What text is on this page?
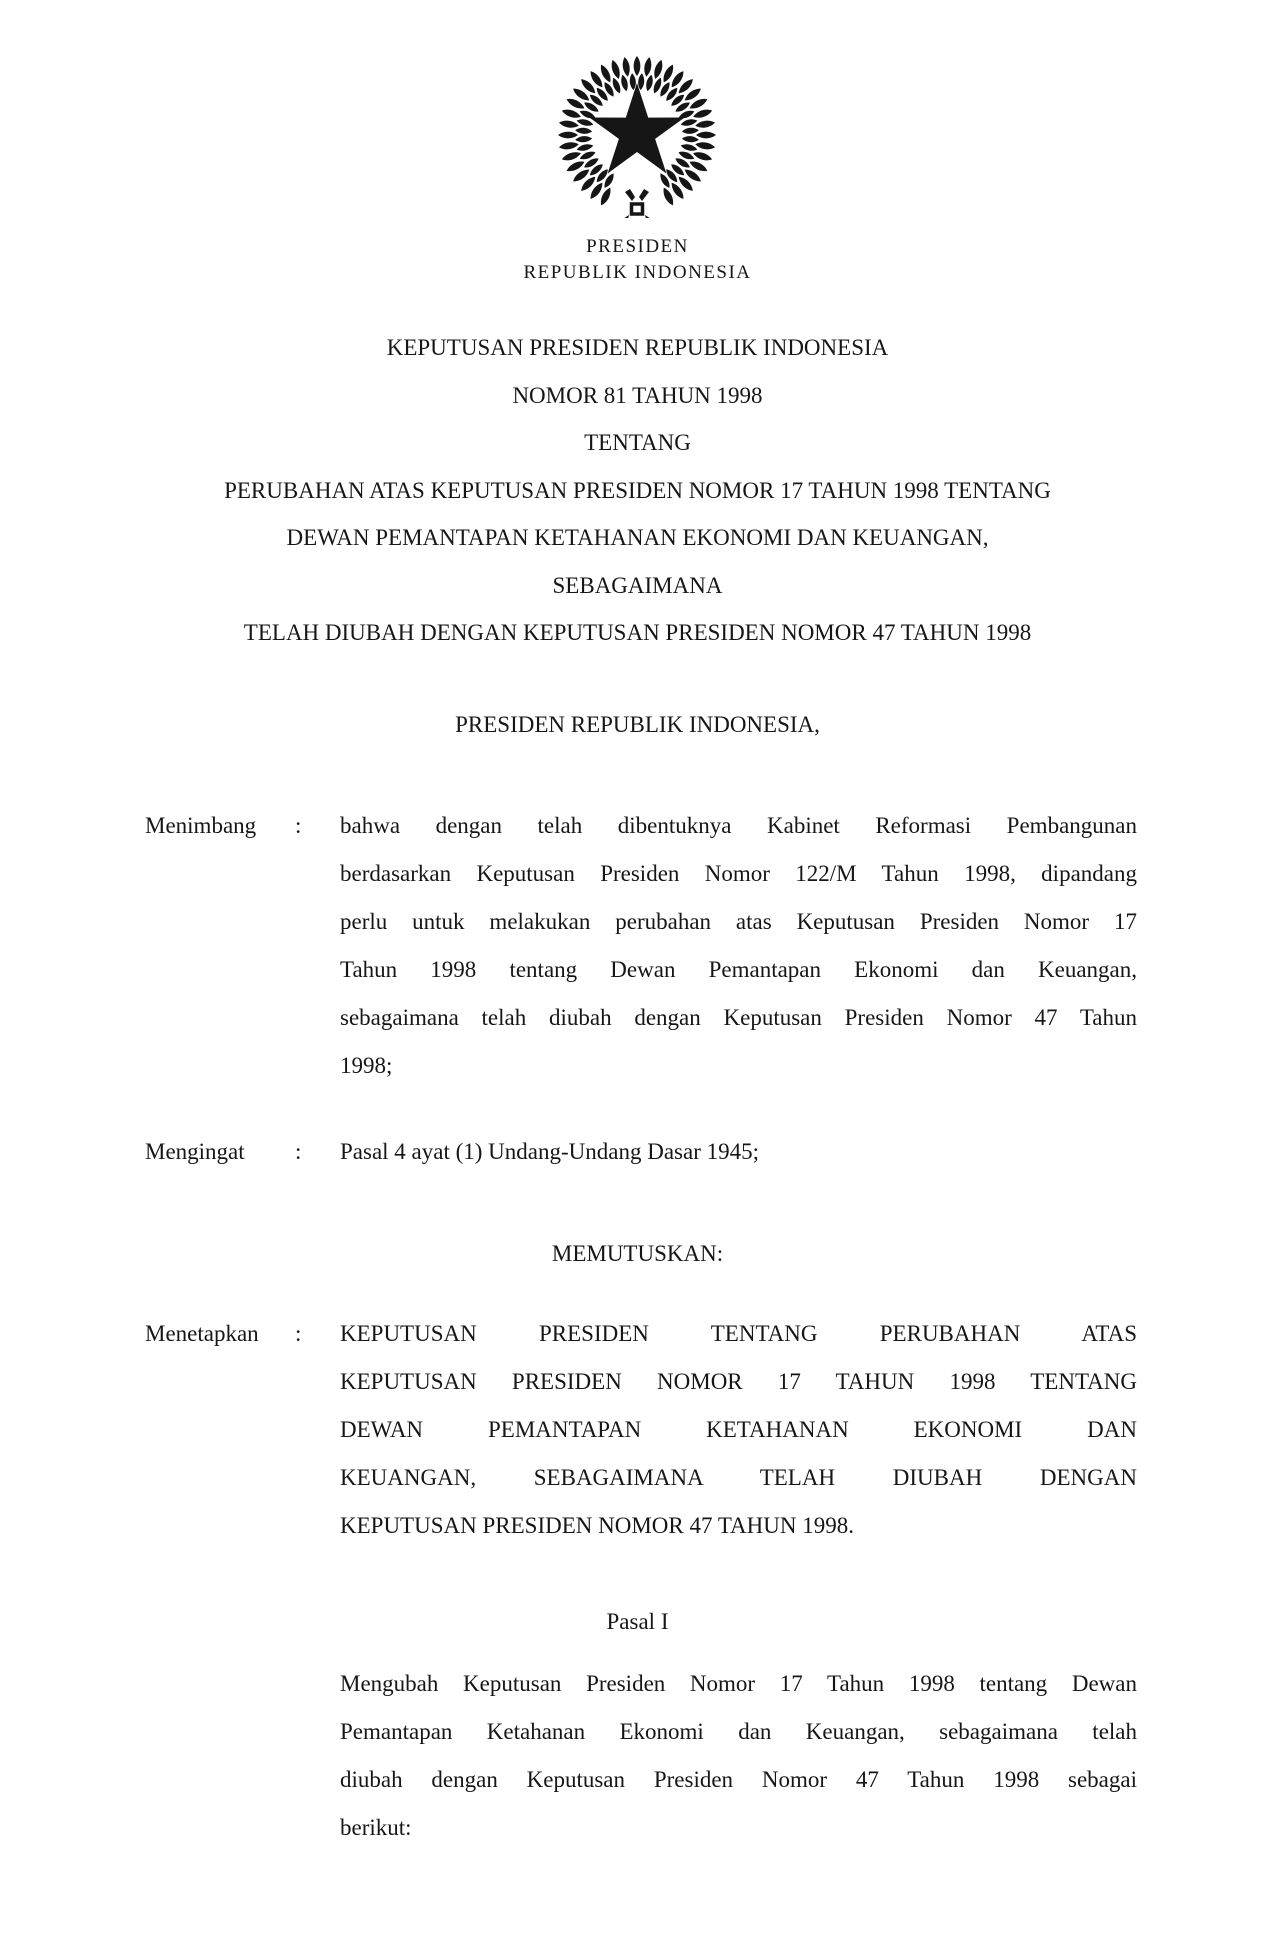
PRESIDEN
REPUBLIK INDONESIA
KEPUTUSAN PRESIDEN REPUBLIK INDONESIA
NOMOR 81 TAHUN 1998
TENTANG
PERUBAHAN ATAS KEPUTUSAN PRESIDEN NOMOR 17 TAHUN 1998 TENTANG
DEWAN PEMANTAPAN KETAHANAN EKONOMI DAN KEUANGAN,
SEBAGAIMANA
TELAH DIUBAH DENGAN KEPUTUSAN PRESIDEN NOMOR 47 TAHUN 1998
PRESIDEN REPUBLIK INDONESIA,
Menimbang	:	bahwa dengan telah dibentuknya Kabinet Reformasi Pembangunan
berdasarkan Keputusan Presiden Nomor 122/M Tahun 1998, dipandang
perlu untuk melakukan perubahan atas Keputusan Presiden Nomor 17
Tahun 1998 tentang Dewan Pemantapan Ekonomi dan Keuangan,
sebagaimana telah diubah dengan Keputusan Presiden Nomor 47 Tahun
1998;
Mengingat	:	Pasal 4 ayat (1) Undang-Undang Dasar 1945;
MEMUTUSKAN:
Menetapkan	:	KEPUTUSAN PRESIDEN TENTANG PERUBAHAN ATAS
KEPUTUSAN PRESIDEN NOMOR 17 TAHUN 1998 TENTANG
DEWAN PEMANTAPAN KETAHANAN EKONOMI DAN
KEUANGAN, SEBAGAIMANA TELAH DIUBAH DENGAN
KEPUTUSAN PRESIDEN NOMOR 47 TAHUN 1998.
Pasal I
Mengubah Keputusan Presiden Nomor 17 Tahun 1998 tentang Dewan
Pemantapan Ketahanan Ekonomi dan Keuangan, sebagaimana telah
diubah dengan Keputusan Presiden Nomor 47 Tahun 1998 sebagai
berikut:
